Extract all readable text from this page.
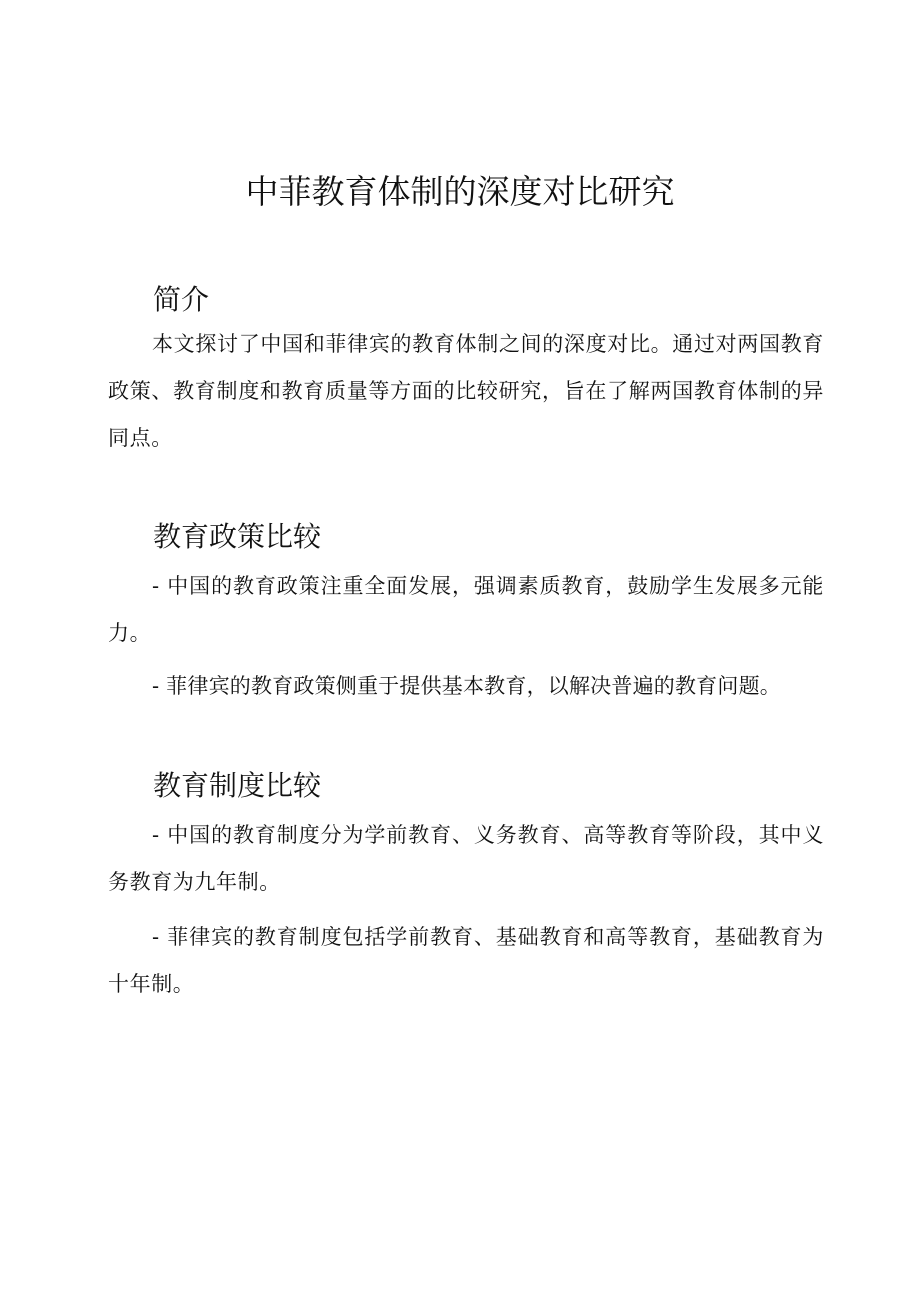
中菲教育体制的深度对比研究
简介

本文探讨了中国和菲律宾的教育体制之间的深度对比。通过对两国教育政策、教育制度和教育质量等方面的比较研究，旨在了解两国教育体制的异同点。

教育政策比较

- 中国的教育政策注重全面发展，强调素质教育，鼓励学生发展多元能力。

- 菲律宾的教育政策侧重于提供基本教育，以解决普遍的教育问题。

教育制度比较

- 中国的教育制度分为学前教育、义务教育、高等教育等阶段，其中义务教育为九年制。

- 菲律宾的教育制度包括学前教育、基础教育和高等教育，基础教育为十年制。
